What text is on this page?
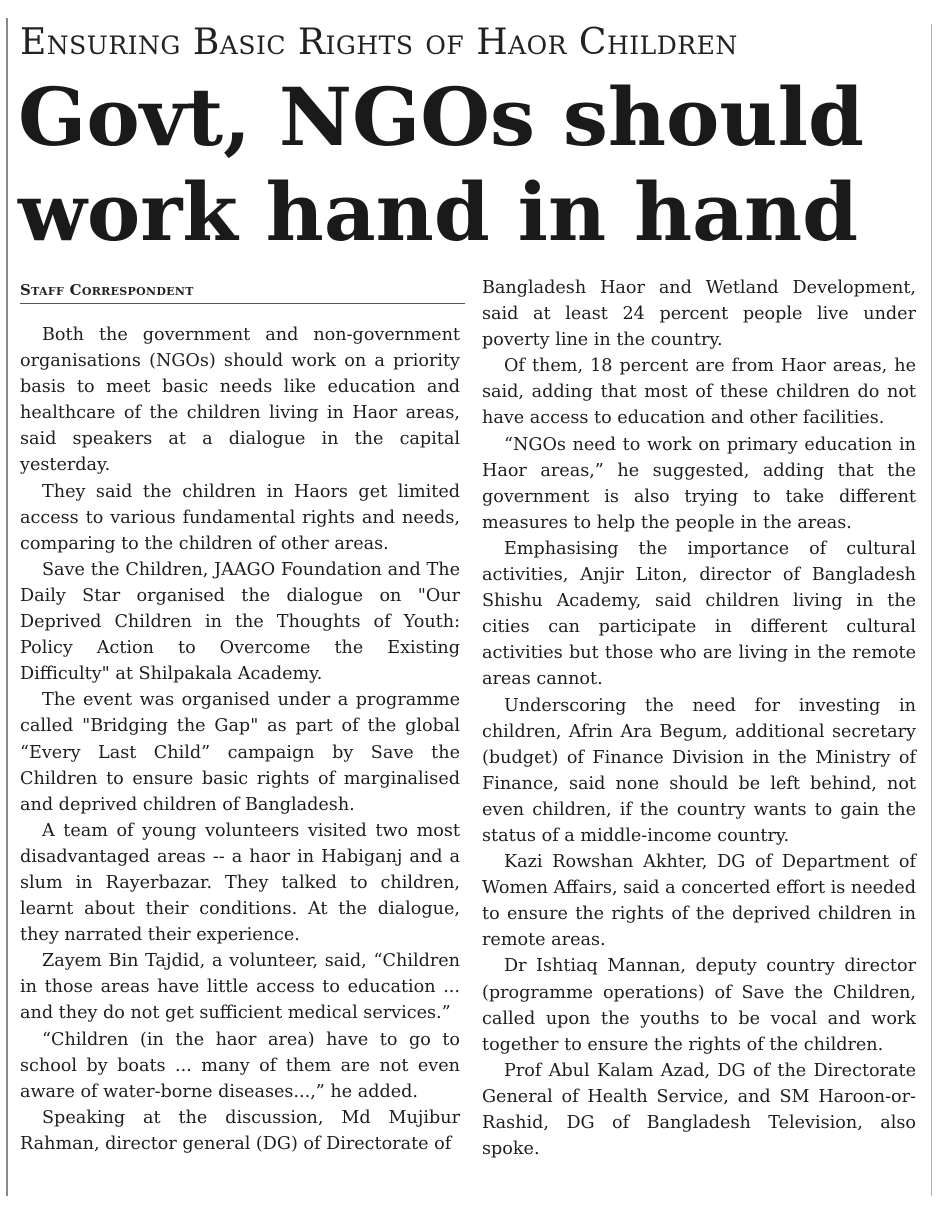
Ensuring Basic Rights of Haor Children
Govt, NGOs should work hand in hand
Staff Correspondent

Both the government and non-government organisations (NGOs) should work on a priority basis to meet basic needs like education and healthcare of the children living in Haor areas, said speakers at a dialogue in the capital yesterday.

They said the children in Haors get limited access to various fundamental rights and needs, comparing to the children of other areas.

Save the Children, JAAGO Foundation and The Daily Star organised the dialogue on "Our Deprived Children in the Thoughts of Youth: Policy Action to Overcome the Existing Difficulty" at Shilpakala Academy.

The event was organised under a programme called "Bridging the Gap" as part of the global “Every Last Child” campaign by Save the Children to ensure basic rights of marginalised and deprived children of Bangladesh.

A team of young volunteers visited two most disadvantaged areas -- a haor in Habiganj and a slum in Rayerbazar. They talked to children, learnt about their conditions. At the dialogue, they narrated their experience.

Zayem Bin Tajdid, a volunteer, said, “Children in those areas have little access to education ... and they do not get sufficient medical services.”

“Children (in the haor area) have to go to school by boats ... many of them are not even aware of water-borne diseases...,” he added.

Speaking at the discussion, Md Mujibur Rahman, director general (DG) of Directorate of

Bangladesh Haor and Wetland Development, said at least 24 percent people live under poverty line in the country.

Of them, 18 percent are from Haor areas, he said, adding that most of these children do not have access to education and other facilities.

“NGOs need to work on primary education in Haor areas,” he suggested, adding that the government is also trying to take different measures to help the people in the areas.

Emphasising the importance of cultural activities, Anjir Liton, director of Bangladesh Shishu Academy, said children living in the cities can participate in different cultural activities but those who are living in the remote areas cannot.

Underscoring the need for investing in children, Afrin Ara Begum, additional secretary (budget) of Finance Division in the Ministry of Finance, said none should be left behind, not even children, if the country wants to gain the status of a middle-income country.

Kazi Rowshan Akhter, DG of Department of Women Affairs, said a concerted effort is needed to ensure the rights of the deprived children in remote areas.

Dr Ishtiaq Mannan, deputy country director (programme operations) of Save the Children, called upon the youths to be vocal and work together to ensure the rights of the children.

Prof Abul Kalam Azad, DG of the Directorate General of Health Service, and SM Haroon-or-Rashid, DG of Bangladesh Television, also spoke.
